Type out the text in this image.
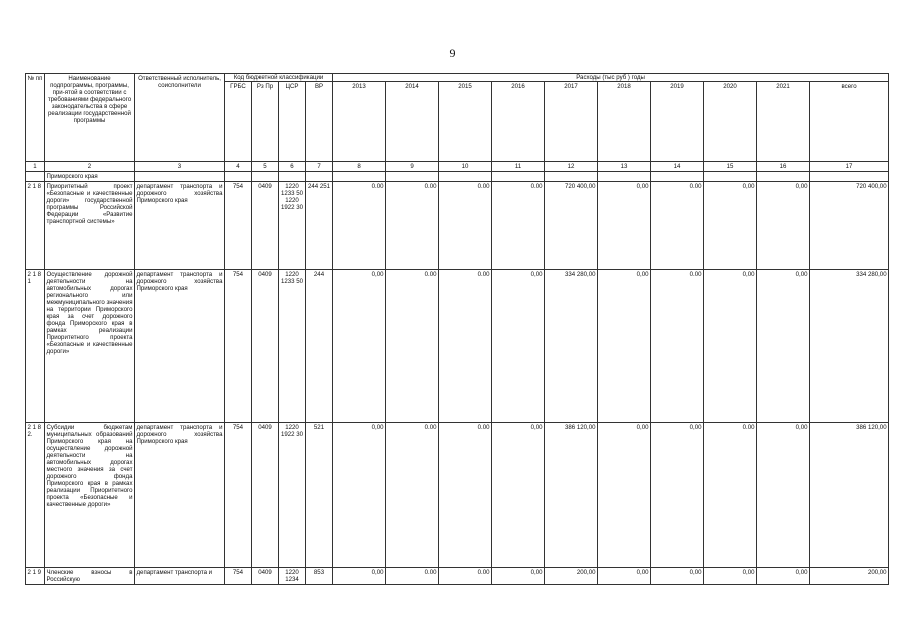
9
№ пп	Наименование подпрограммы, программы, при-ятой в соответствии с требованиями федерального законодательства в сфере реализации государственной программы	Ответственный исполнитель, соисполнители	Код бюджетной классификации				Расходы (тыс руб ) годы									
			ГРБС	Рз Пр	ЦСР	ВР	2013	2014	2015	2016	2017	2018	2019	2020	2021	всего
1	2	3	4	5	6	7	8	9	10	11	12	13	14	15	16	17
	Приморского края															
2 1 8	Приоритетный проект «Безопасные и качественные дороги» государственной программы Российской Федерации «Развитие транспортной системы»	департамент транспорта и дорожного хозяйства Приморского края	754	0409	1220 1233 50 1220 1922 30	244 251	0.00	0.00	0.00	0.00	720 400,00	0,00	0.00	0,00	0,00	720 400,00
2 1 8 1	Осуществление дорожной деятельности на автомобильных дорогах регионального или межмуниципального значения на территории Приморского края за счет дорожного фонда Приморского края в рамках реализации Приоритетного проекта «Безопасные и качественные дороги»	департамент транспорта и дорожного хозяйства Приморского края	754	0409	1220 1233 50	244	0,00	0.00	0.00	0,00	334 280,00	0,00	0.00	0,00	0,00	334 280,00
2 1 8 2.	Субсидии бюджетам муниципальных образований Приморского края на осуществление дорожной деятельности на автомобильных дорогах местного значения за счет дорожного фонда Приморского края в рамках реализации Приоритетного проекта «Безопасные и качественные дороги»	департамент транспорта и дорожного хозяйства Приморского края	754	0409	1220 1922 30	521	0,00	0.00	0.00	0,00	386 120,00	0,00	0,00	0.00	0,00	386 120,00
2 1 9	Членские взносы в Российскую	департамент транспорта и	754	0409	1220 1234	853	0,00	0.00	0.00	0,00	200,00	0,00	0,00	0,00	0,00	200,00
